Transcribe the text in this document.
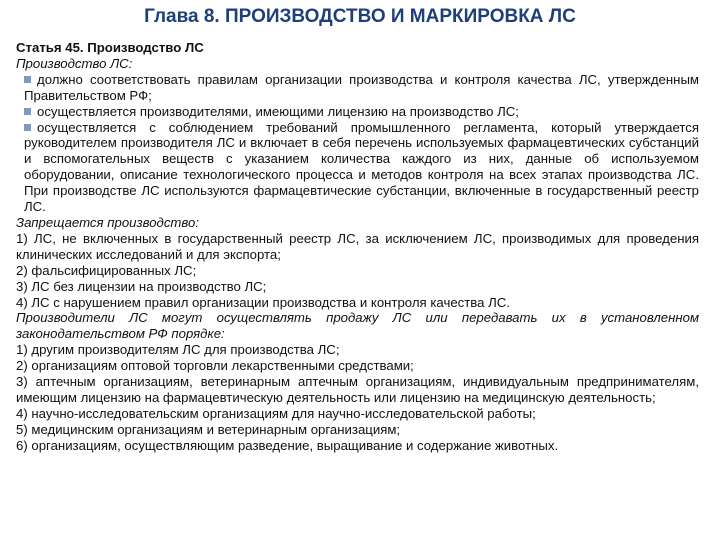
Глава 8. ПРОИЗВОДСТВО И МАРКИРОВКА ЛС

Статья 45. Производство ЛС

Производство ЛС:

должно соответствовать правилам организации производства и контроля качества ЛС, утвержденным Правительством РФ;

осуществляется производителями, имеющими лицензию на производство ЛС;

осуществляется с соблюдением требований промышленного регламента, который утверждается руководителем производителя ЛС и включает в себя перечень используемых фармацевтических субстанций и вспомогательных веществ с указанием количества каждого из них, данные об используемом оборудовании, описание технологического процесса и методов контроля на всех этапах производства ЛС. При производстве ЛС используются фармацевтические субстанции, включенные в государственный реестр ЛС.

Запрещается производство:

1) ЛС, не включенных в государственный реестр ЛС, за исключением ЛС, производимых для проведения клинических исследований и для экспорта;

2) фальсифицированных ЛС;

3) ЛС без лицензии на производство ЛС;

4) ЛС с нарушением правил организации производства и контроля качества ЛС.

Производители ЛС могут осуществлять продажу ЛС или передавать их в установленном законодательством РФ порядке:

1) другим производителям ЛС для производства ЛС;

2) организациям оптовой торговли лекарственными средствами;

3) аптечным организациям, ветеринарным аптечным организациям, индивидуальным предпринимателям, имеющим лицензию на фармацевтическую деятельность или лицензию на медицинскую деятельность;

4) научно-исследовательским организациям для научно-исследовательской работы;

5) медицинским организациям и ветеринарным организациям;

6) организациям, осуществляющим разведение, выращивание и содержание животных.
